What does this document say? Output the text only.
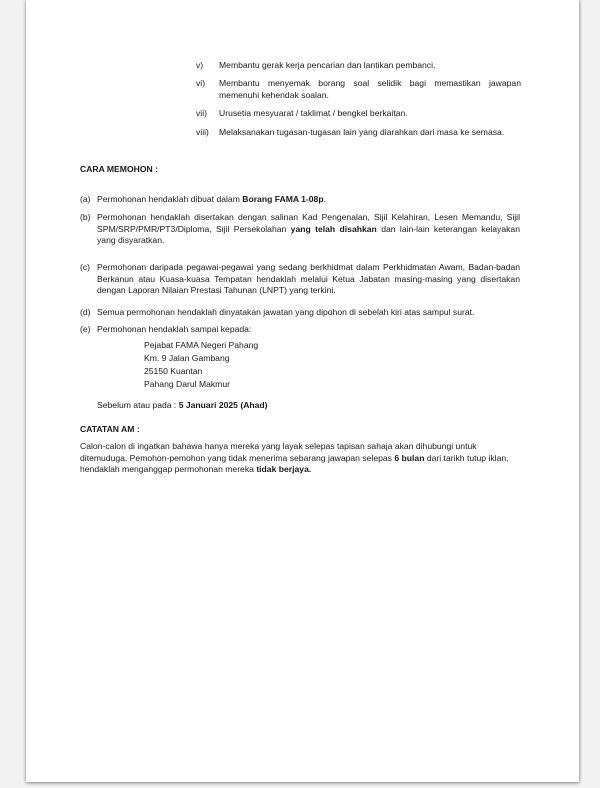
v)	Membantu gerak kerja pencarian dan lantikan pembanci.
vi)	Membantu menyemak borang soal selidik bagi memastikan jawapan memenuhi kehendak soalan.
vii)	Urusetia mesyuarat / taklimat / bengkel berkaitan.
viii)	Melaksanakan tugasan-tugasan lain yang diarahkan dari masa ke semasa.
CARA MEMOHON :
(a) Permohonan hendaklah dibuat dalam Borang FAMA 1-08p.
(b) Permohonan hendaklah disertakan dengan salinan Kad Pengenalan, Sijil Kelahiran, Lesen Memandu, Sijil SPM/SRP/PMR/PT3/Diploma, Sijil Persekolahan yang telah disahkan dan lain-lain keterangan kelayakan yang disyaratkan.
(c) Permohonan daripada pegawai-pegawai yang sedang berkhidmat dalam Perkhidmatan Awam, Badan-badan Berkanun atau Kuasa-kuasa Tempatan hendaklah melalui Ketua Jabatan masing-masing yang disertakan dengan Laporan Nilaian Prestasi Tahunan (LNPT) yang terkini.
(d) Semua permohonan hendaklah dinyatakan jawatan yang dipohon di sebelah kiri atas sampul surat.
(e) Permohonan hendaklah sampai kepada:
Pejabat FAMA Negeri Pahang
Km. 9 Jalan Gambang
25150 Kuantan
Pahang Darul Makmur
Sebelum atau pada : 5 Januari 2025 (Ahad)
CATATAN AM :
Calon-calon di ingatkan bahawa hanya mereka yang layak selepas tapisan sahaja akan dihubungi untuk ditemuduga. Pemohon-pemohon yang tidak menerima sebarang jawapan selepas 6 bulan dari tarikh tutup iklan, hendaklah menganggap permohonan mereka tidak berjaya.
